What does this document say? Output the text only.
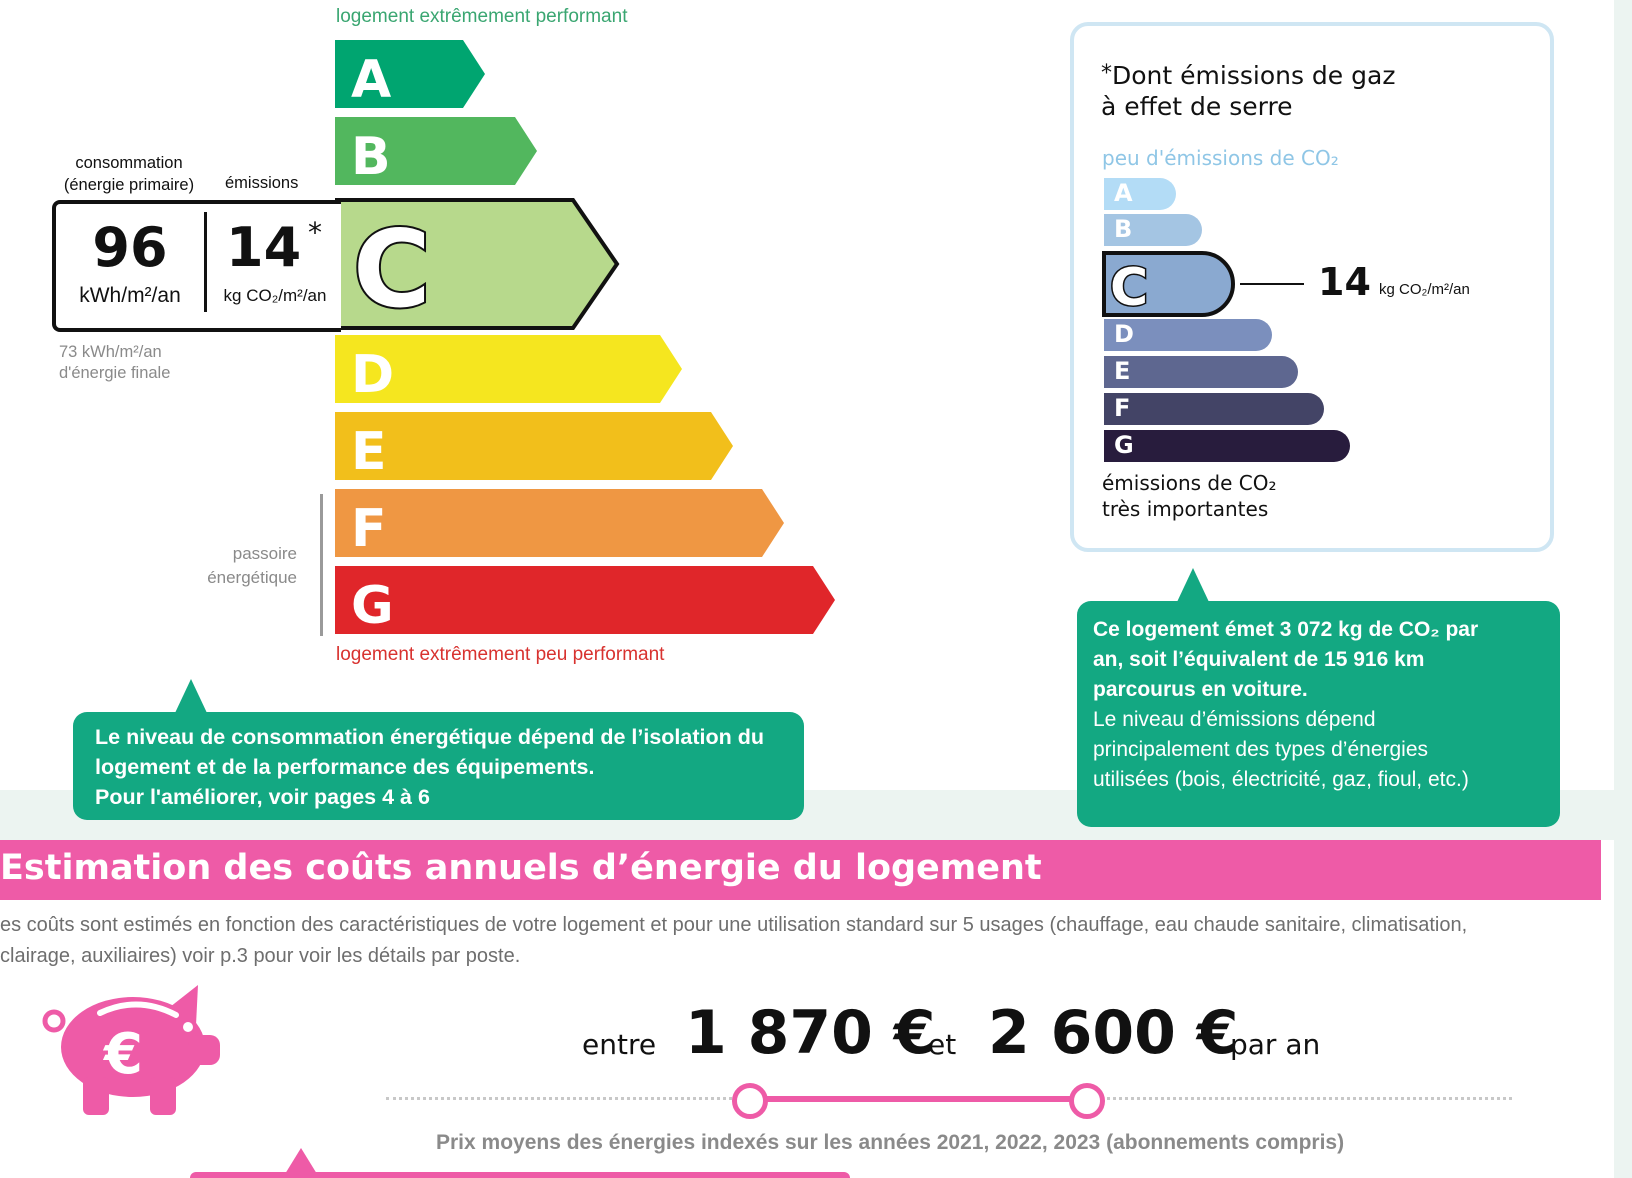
logement extrêmement performant
A
B
D
E
F
G
C
consommation
(énergie primaire)	émissions
96
kWh/m²/an
14 *
kg CO₂/m²/an
73 kWh/m²/an
d'énergie finale
passoire
énergétique
logement extrêmement peu performant
Le niveau de consommation énergétique dépend de l’isolation du
logement et de la performance des équipements.
Pour l'améliorer, voir pages 4 à 6
*Dont émissions de gaz
à effet de serre
peu d'émissions de CO₂
A
B
D
E
F
G
C	14 kg CO₂/m²/an
émissions de CO₂
très importantes
Ce logement émet 3 072 kg de CO₂ par
an, soit l’équivalent de 15 916 km
parcourus en voiture.
Le niveau d’émissions dépend
principalement des types d’énergies
utilisées (bois, électricité, gaz, fioul, etc.)
Estimation des coûts annuels d’énergie du logement
es coûts sont estimés en fonction des caractéristiques de votre logement et pour une utilisation standard sur 5 usages (chauffage, eau chaude sanitaire, climatisation,
clairage, auxiliaires) voir p.3 pour voir les détails par poste.
€	entre 1 870 €
et 2 600 €
par an
Prix moyens des énergies indexés sur les années 2021, 2022, 2023 (abonnements compris)
